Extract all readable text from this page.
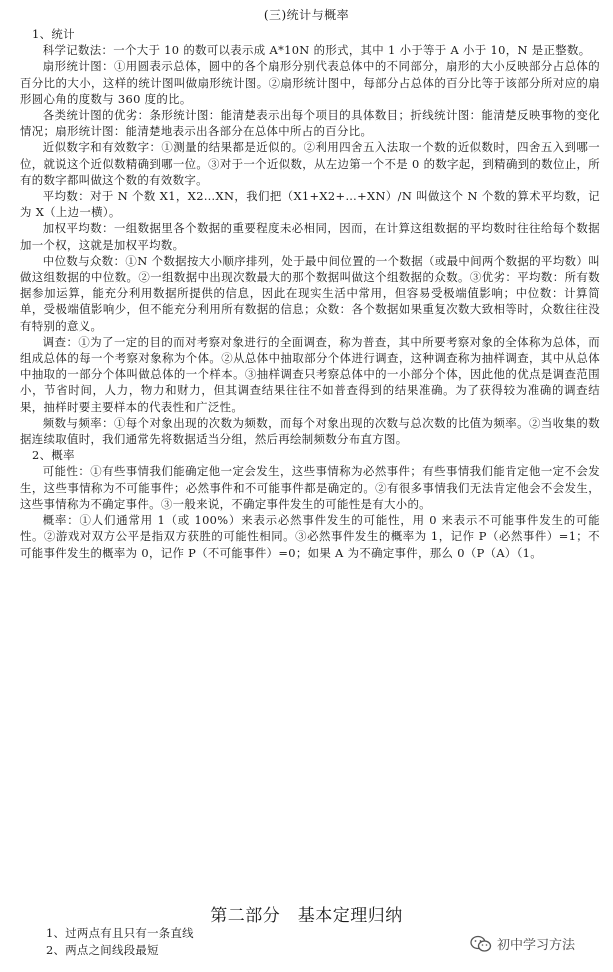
(三)统计与概率

1、统计

科学记数法：一个大于 10 的数可以表示成 A*10N 的形式，其中 1 小于等于 A 小于 10，N 是正整数。

扇形统计图：①用圆表示总体，圆中的各个扇形分别代表总体中的不同部分，扇形的大小反映部分占总体的百分比的大小，这样的统计图叫做扇形统计图。②扇形统计图中，每部分占总体的百分比等于该部分所对应的扇形圆心角的度数与 360 度的比。

各类统计图的优劣：条形统计图：能清楚表示出每个项目的具体数目；折线统计图：能清楚反映事物的变化情况；扇形统计图：能清楚地表示出各部分在总体中所占的百分比。

近似数字和有效数字：①测量的结果都是近似的。②利用四舍五入法取一个数的近似数时，四舍五入到哪一位，就说这个近似数精确到哪一位。③对于一个近似数，从左边第一个不是 0 的数字起，到精确到的数位止，所有的数字都叫做这个数的有效数字。

平均数：对于 N 个数 X1，X2…XN，我们把（X1+X2+…+XN）/N 叫做这个 N 个数的算术平均数，记为 X（上边一横）。

加权平均数：一组数据里各个数据的重要程度未必相同，因而，在计算这组数据的平均数时往往给每个数据加一个权，这就是加权平均数。

中位数与众数：①N 个数据按大小顺序排列，处于最中间位置的一个数据（或最中间两个数据的平均数）叫做这组数据的中位数。②一组数据中出现次数最大的那个数据叫做这个组数据的众数。③优劣：平均数：所有数据参加运算，能充分利用数据所提供的信息，因此在现实生活中常用，但容易受极端值影响；中位数：计算简单，受极端值影响少，但不能充分利用所有数据的信息；众数：各个数据如果重复次数大致相等时，众数往往没有特别的意义。

调查：①为了一定的目的而对考察对象进行的全面调查，称为普查，其中所要考察对象的全体称为总体，而组成总体的每一个考察对象称为个体。②从总体中抽取部分个体进行调查，这种调查称为抽样调查，其中从总体中抽取的一部分个体叫做总体的一个样本。③抽样调查只考察总体中的一小部分个体，因此他的优点是调查范围小，节省时间，人力，物力和财力，但其调查结果往往不如普查得到的结果准确。为了获得较为准确的调查结果，抽样时要主要样本的代表性和广泛性。

频数与频率：①每个对象出现的次数为频数，而每个对象出现的次数与总次数的比值为频率。②当收集的数据连续取值时，我们通常先将数据适当分组，然后再绘制频数分布直方图。

2、概率

可能性：①有些事情我们能确定他一定会发生，这些事情称为必然事件；有些事情我们能肯定他一定不会发生，这些事情称为不可能事件；必然事件和不可能事件都是确定的。②有很多事情我们无法肯定他会不会发生，这些事情称为不确定事件。③一般来说，不确定事件发生的可能性是有大小的。

概率：①人们通常用 1（或 100%）来表示必然事件发生的可能性，用 0 来表示不可能事件发生的可能性。②游戏对双方公平是指双方获胜的可能性相同。③必然事件发生的概率为 1，记作 P（必然事件）=1；不可能事件发生的概率为 0，记作 P（不可能事件）=0；如果 A 为不确定事件，那么 0（P（A）（1。

第二部分　基本定理归纳
1、过两点有且只有一条直线
2、两点之间线段最短	初中学习方法
